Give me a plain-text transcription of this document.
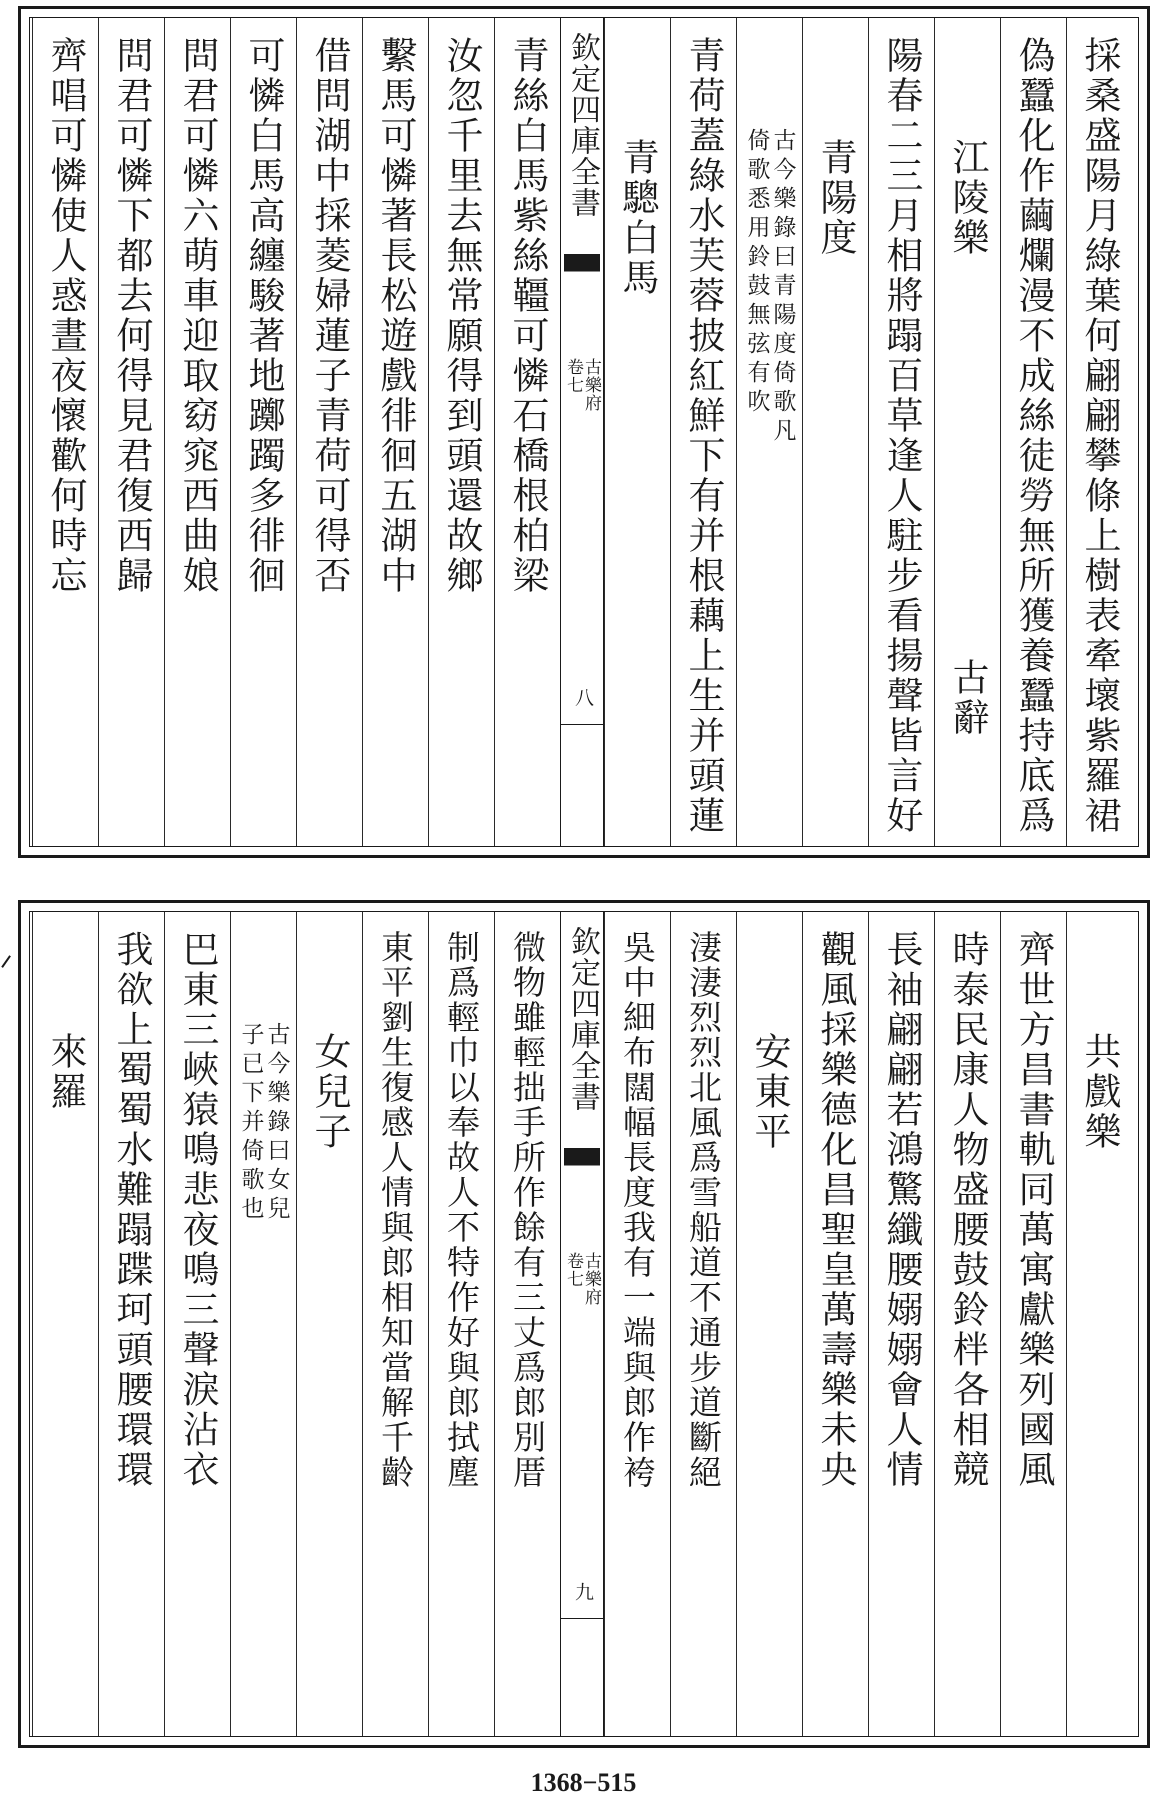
採桑盛陽月綠葉何翩翩攀條上樹表牽壞紫羅裙
偽蠶化作繭爛漫不成絲徒勞無所獲養蠶持底爲
江陵樂
古辭
陽春二三月相將蹋百草逢人駐步看揚聲皆言好
青陽度
古今樂錄曰青陽度倚歌凡
倚歌悉用鈴鼓無弦有吹
青荷蓋綠水芙蓉披紅鮮下有并根藕上生并頭蓮
青驄白馬
欽定四庫全書
古樂府
卷七
八
青絲白馬紫絲韁可憐石橋根柏梁
汝忽千里去無常願得到頭還故鄉
繫馬可憐著長松遊戲徘徊五湖中
借問湖中採菱婦蓮子青荷可得否
可憐白馬高纏駿著地躑躅多徘徊
問君可憐六萌車迎取窈窕西曲娘
問君可憐下都去何得見君復西歸
齊唱可憐使人惑晝夜懷歡何時忘
共戲樂
齊世方昌書軌同萬寓獻樂列國風
時泰民康人物盛腰鼓鈴柈各相競
長袖翩翩若鴻驚纖腰嫋嫋會人情
觀風採樂德化昌聖皇萬壽樂未央
安東平
淒淒烈烈北風爲雪船道不通步道斷絕
吳中細布闊幅長度我有一端與郎作袴
欽定四庫全書
古樂府
卷七
九
微物雖輕拙手所作餘有三丈爲郎別厝
制爲輕巾以奉故人不特作好與郎拭塵
東平劉生復感人情與郎相知當解千齡
女兒子
古今樂錄曰女兒
子已下并倚歌也
巴東三峽猿鳴悲夜鳴三聲淚沾衣
我欲上蜀蜀水難蹋蹀珂頭腰環環
來羅
1368−515
